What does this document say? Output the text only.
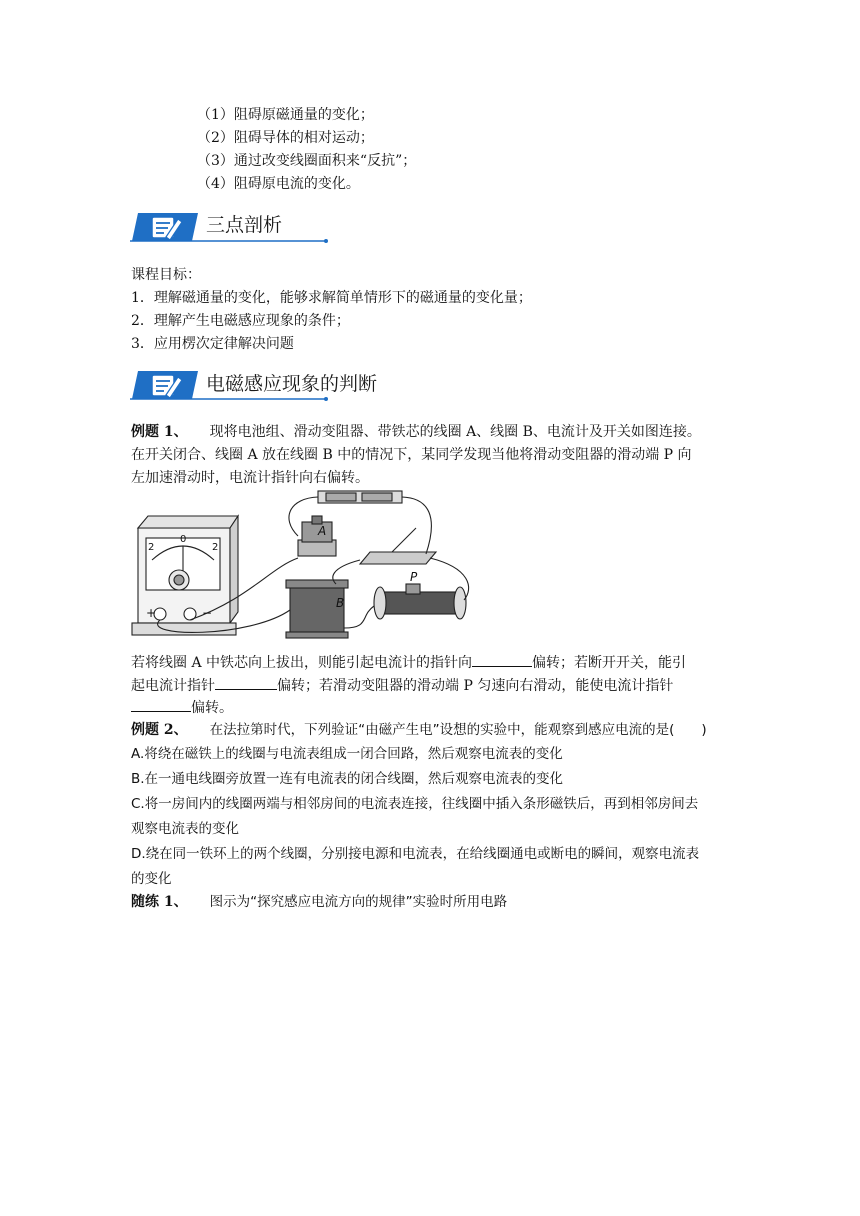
（1）阻碍原磁通量的变化；
（2）阻碍导体的相对运动；
（3）通过改变线圈面积来“反抗”；
（4）阻碍原电流的变化。
三点剖析
课程目标：
1．理解磁通量的变化，能够求解简单情形下的磁通量的变化量；
2．理解产生电磁感应现象的条件；
3．应用楞次定律解决问题
电磁感应现象的判断
例题 1、 现将电池组、滑动变阻器、带铁芯的线圈 A、线圈 B、电流计及开关如图连接。
在开关闭合、线圈 A 放在线圈 B 中的情况下，某同学发现当他将滑动变阻器的滑动端 P 向
左加速滑动时，电流计指针向右偏转。
A
B
P
2	2
0
+	−
若将线圈 A 中铁芯向上拔出，则能引起电流计的指针向	偏转；若断开开关，能引
起电流计指针	偏转；若滑动变阻器的滑动端 P 匀速向右滑动，能使电流计指针
偏转。
例题 2、 在法拉第时代，下列验证“由磁产生电”设想的实验中，能观察到感应电流的是(　　)
A.将绕在磁铁上的线圈与电流表组成一闭合回路，然后观察电流表的变化
B.在一通电线圈旁放置一连有电流表的闭合线圈，然后观察电流表的变化
C.将一房间内的线圈两端与相邻房间的电流表连接，往线圈中插入条形磁铁后，再到相邻房间去
观察电流表的变化
D.绕在同一铁环上的两个线圈，分别接电源和电流表，在给线圈通电或断电的瞬间，观察电流表
的变化
随练 1、 图示为“探究感应电流方向的规律”实验时所用电路
